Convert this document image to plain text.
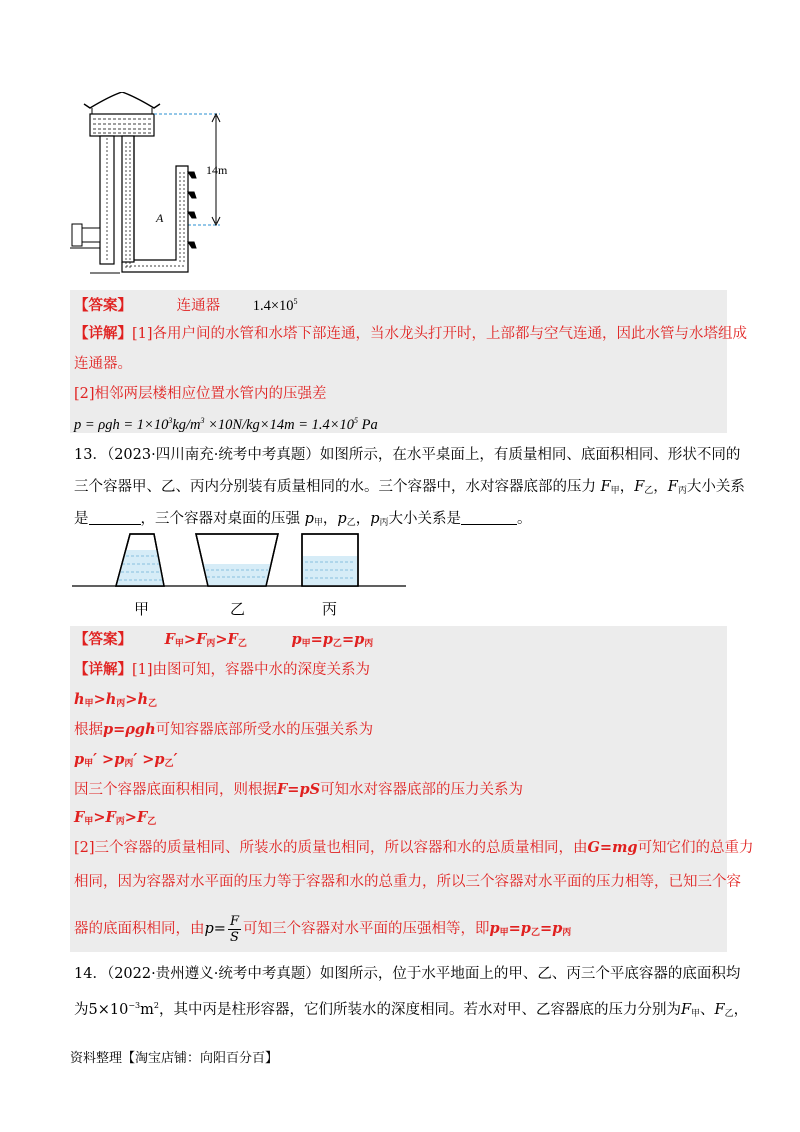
14m
A
【答案】	连通器 $1.4\times 10^5$
【详解】[1]各用户间的水管和水塔下部连通，当水龙头打开时，上部都与空气连通，因此水管与水塔组成
连通器。
[2]相邻两层楼相应位置水管内的压强差
$p = \rho gh = 1\times 10^3kg/m^3 \times 10N/kg\times 14m = 1.4\times 10^5$ Pa
13．（2023·四川南充·统考中考真题）如图所示，在水平桌面上，有质量相同、底面积相同、形状不同的
三个容器甲、乙、丙内分别装有质量相同的水。三个容器中，水对容器底部的压力 $F_甲$，$F_乙$，$F_丙$大小关系
是	，三个容器对桌面的压强 $p_甲$，$p_乙$，$p_丙$大小关系是	。
甲	乙	丙
【答案】 $F_甲>F_丙>F_乙$	$p_甲=p_乙=p_丙$
【详解】[1]由图可知，容器中水的深度关系为
$h_甲>h_丙>h_乙$
根据p=ρgh可知容器底部所受水的压强关系为
$p_甲' >p_丙' >p_乙'$
因三个容器底面积相同，则根据F=pS可知水对容器底部的压力关系为
$F_甲>F_丙>F_乙$
[2]三个容器的质量相同、所装水的质量也相同，所以容器和水的总质量相同，由G=mg可知它们的总重力
相同，因为容器对水平面的压力等于容器和水的总重力，所以三个容器对水平面的压力相等，已知三个容
器的底面积相同，由$p= \frac{F}{S}$ 可知三个容器对水平面的压强相等，即$p_甲=p_乙=p_丙$
14．（2022·贵州遵义·统考中考真题）如图所示，位于水平地面上的甲、乙、丙三个平底容器的底面积均
为$5\times 10^{-3}m^2$，其中丙是柱形容器，它们所装水的深度相同。若水对甲、乙容器底的压力分别为$F_甲$、$F_乙$，
资料整理【淘宝店铺：向阳百分百】
